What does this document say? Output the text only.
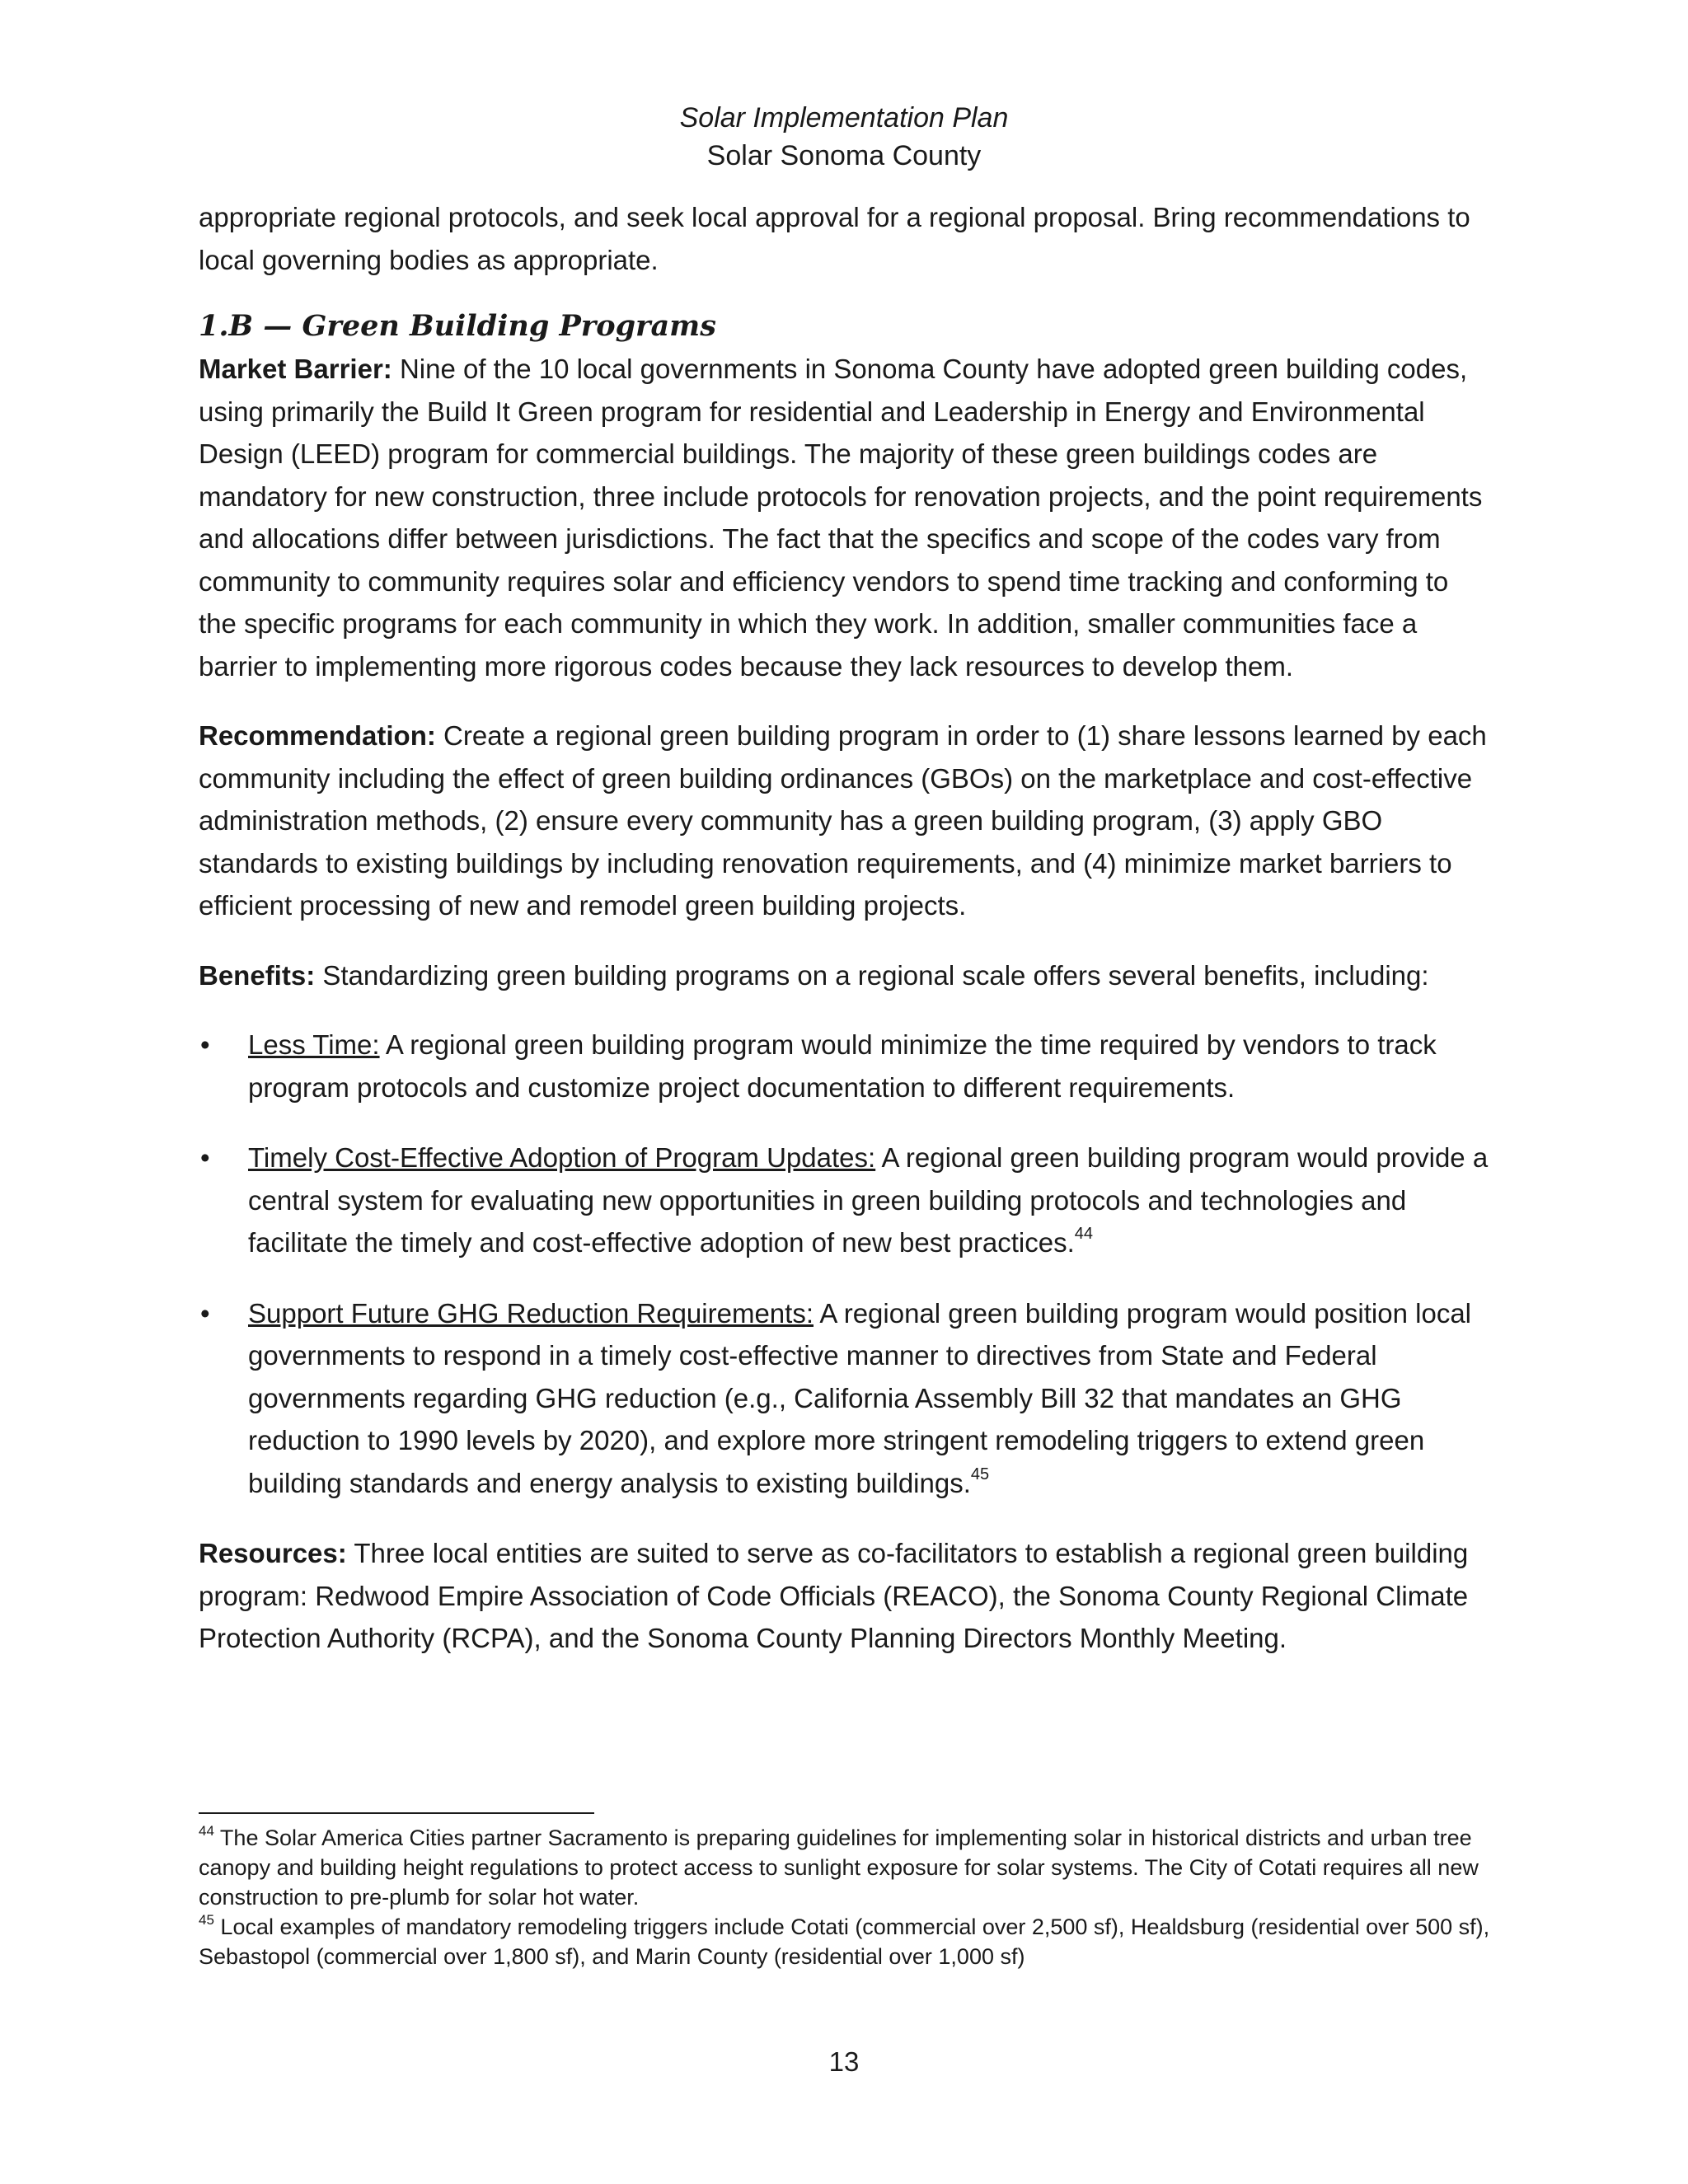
Solar Implementation Plan
Solar Sonoma County

appropriate regional protocols, and seek local approval for a regional proposal. Bring recommendations to local governing bodies as appropriate.

1.B — Green Building Programs

Market Barrier: Nine of the 10 local governments in Sonoma County have adopted green building codes, using primarily the Build It Green program for residential and Leadership in Energy and Environmental Design (LEED) program for commercial buildings. The majority of these green buildings codes are mandatory for new construction, three include protocols for renovation projects, and the point requirements and allocations differ between jurisdictions. The fact that the specifics and scope of the codes vary from community to community requires solar and efficiency vendors to spend time tracking and conforming to the specific programs for each community in which they work. In addition, smaller communities face a barrier to implementing more rigorous codes because they lack resources to develop them.

Recommendation: Create a regional green building program in order to (1) share lessons learned by each community including the effect of green building ordinances (GBOs) on the marketplace and cost-effective administration methods, (2) ensure every community has a green building program, (3) apply GBO standards to existing buildings by including renovation requirements, and (4) minimize market barriers to efficient processing of new and remodel green building projects.

Benefits: Standardizing green building programs on a regional scale offers several benefits, including:

• Less Time: A regional green building program would minimize the time required by vendors to track program protocols and customize project documentation to different requirements.
• Timely Cost-Effective Adoption of Program Updates: A regional green building program would provide a central system for evaluating new opportunities in green building protocols and technologies and facilitate the timely and cost-effective adoption of new best practices.$^{44}$
• Support Future GHG Reduction Requirements: A regional green building program would position local governments to respond in a timely cost-effective manner to directives from State and Federal governments regarding GHG reduction (e.g., California Assembly Bill 32 that mandates an GHG reduction to 1990 levels by 2020), and explore more stringent remodeling triggers to extend green building standards and energy analysis to existing buildings.$^{45}$

Resources: Three local entities are suited to serve as co-facilitators to establish a regional green building program: Redwood Empire Association of Code Officials (REACO), the Sonoma County Regional Climate Protection Authority (RCPA), and the Sonoma County Planning Directors Monthly Meeting.

$^{44}$ The Solar America Cities partner Sacramento is preparing guidelines for implementing solar in historical districts and urban tree canopy and building height regulations to protect access to sunlight exposure for solar systems. The City of Cotati requires all new construction to pre-plumb for solar hot water.

$^{45}$ Local examples of mandatory remodeling triggers include Cotati (commercial over 2,500 sf), Healdsburg (residential over 500 sf), Sebastopol (commercial over 1,800 sf), and Marin County (residential over 1,000 sf)

13
